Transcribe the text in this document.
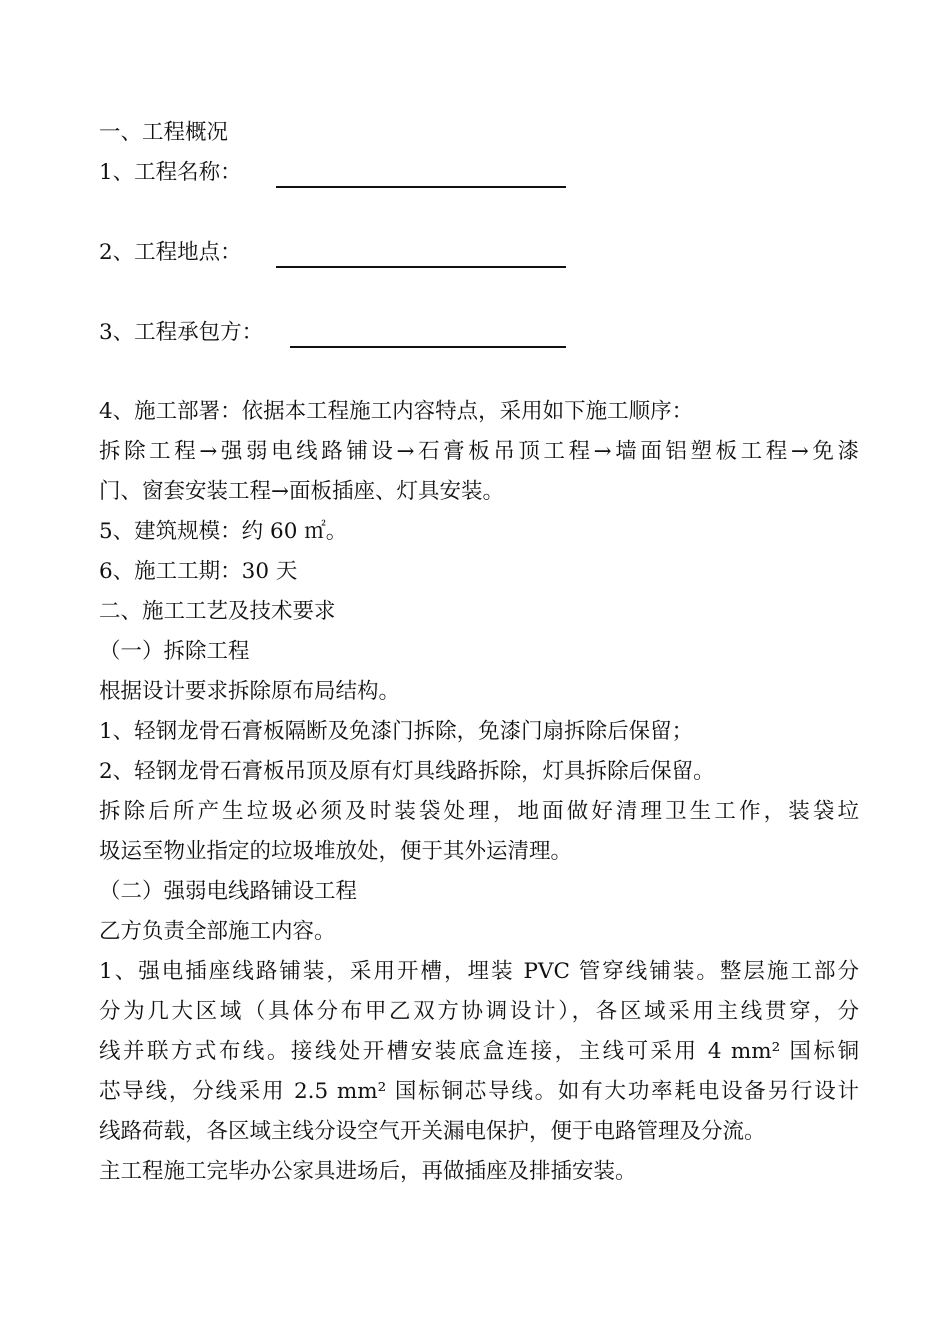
一、工程概况
1、工程名称：
2、工程地点：
3、工程承包方：
4、施工部署：依据本工程施工内容特点，采用如下施工顺序：
拆除工程→强弱电线路铺设→石膏板吊顶工程→墙面铝塑板工程→免漆
门、窗套安装工程→面板插座、灯具安装。
5、建筑规模：约 60 ㎡。
6、施工工期：30 天
二、施工工艺及技术要求
（一）拆除工程
根据设计要求拆除原布局结构。
1、轻钢龙骨石膏板隔断及免漆门拆除，免漆门扇拆除后保留；
2、轻钢龙骨石膏板吊顶及原有灯具线路拆除，灯具拆除后保留。
拆除后所产生垃圾必须及时装袋处理，地面做好清理卫生工作，装袋垃
圾运至物业指定的垃圾堆放处，便于其外运清理。
（二）强弱电线路铺设工程
乙方负责全部施工内容。
1、强电插座线路铺装，采用开槽，埋装 PVC 管穿线铺装。整层施工部分
分为几大区域（具体分布甲乙双方协调设计），各区域采用主线贯穿，分
线并联方式布线。接线处开槽安装底盒连接，主线可采用 4 mm² 国标铜
芯导线，分线采用 2.5 mm² 国标铜芯导线。如有大功率耗电设备另行设计
线路荷载，各区域主线分设空气开关漏电保护，便于电路管理及分流。
主工程施工完毕办公家具进场后，再做插座及排插安装。
